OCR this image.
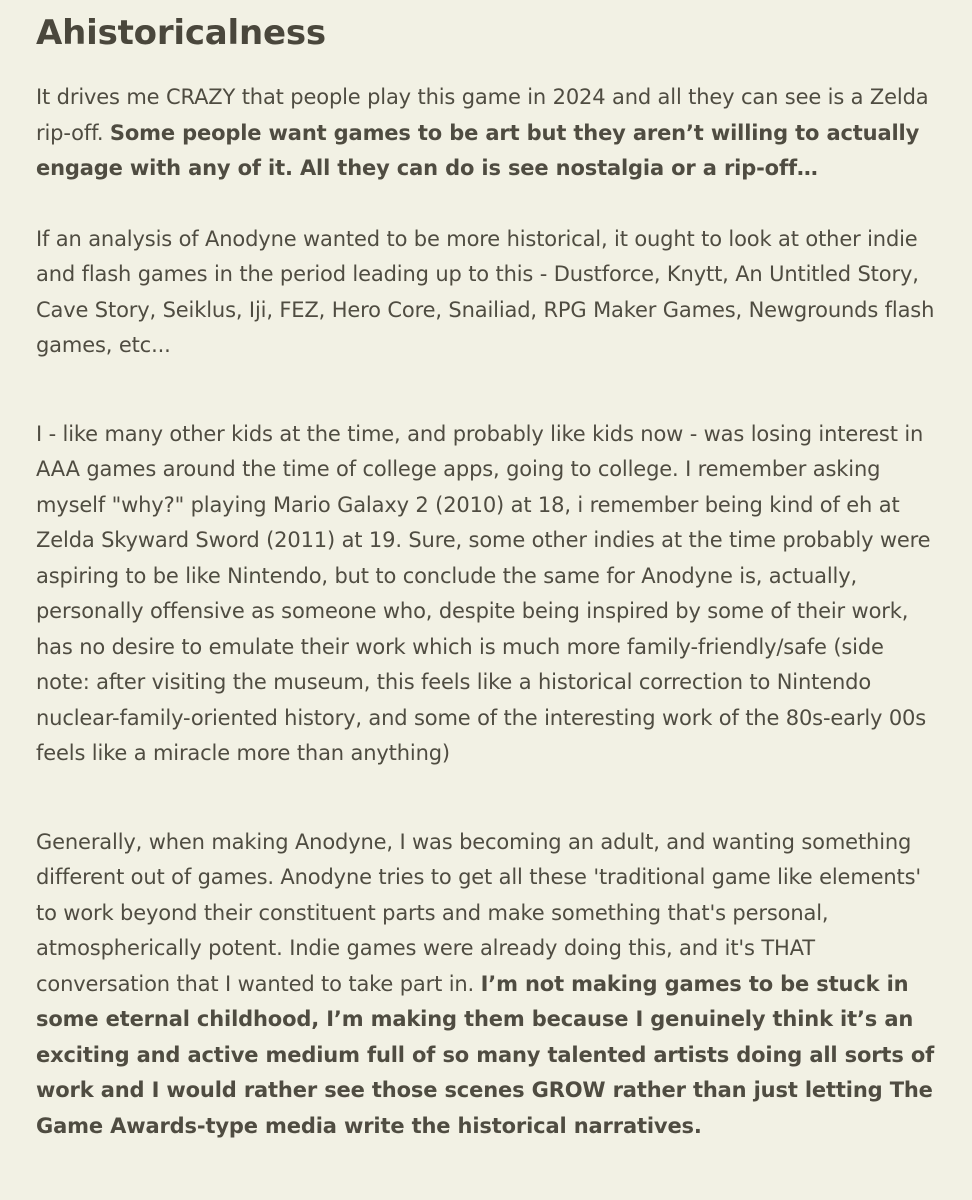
Ahistoricalness

It drives me CRAZY that people play this game in 2024 and all they can see is a Zelda rip-off. Some people want games to be art but they aren’t willing to actually engage with any of it. All they can do is see nostalgia or a rip-off…

If an analysis of Anodyne wanted to be more historical, it ought to look at other indie and flash games in the period leading up to this - Dustforce, Knytt, An Untitled Story, Cave Story, Seiklus, Iji, FEZ, Hero Core, Snailiad, RPG Maker Games, Newgrounds flash games, etc...

I - like many other kids at the time, and probably like kids now - was losing interest in AAA games around the time of college apps, going to college. I remember asking myself "why?" playing Mario Galaxy 2 (2010) at 18, i remember being kind of eh at Zelda Skyward Sword (2011) at 19. Sure, some other indies at the time probably were aspiring to be like Nintendo, but to conclude the same for Anodyne is, actually, personally offensive as someone who, despite being inspired by some of their work, has no desire to emulate their work which is much more family-friendly/safe (side note: after visiting the museum, this feels like a historical correction to Nintendo nuclear-family-oriented history, and some of the interesting work of the 80s-early 00s feels like a miracle more than anything)

Generally, when making Anodyne, I was becoming an adult, and wanting something different out of games. Anodyne tries to get all these 'traditional game like elements' to work beyond their constituent parts and make something that's personal, atmospherically potent. Indie games were already doing this, and it's THAT conversation that I wanted to take part in. I’m not making games to be stuck in some eternal childhood, I’m making them because I genuinely think it’s an exciting and active medium full of so many talented artists doing all sorts of work and I would rather see those scenes GROW rather than just letting The Game Awards-type media write the historical narratives.
